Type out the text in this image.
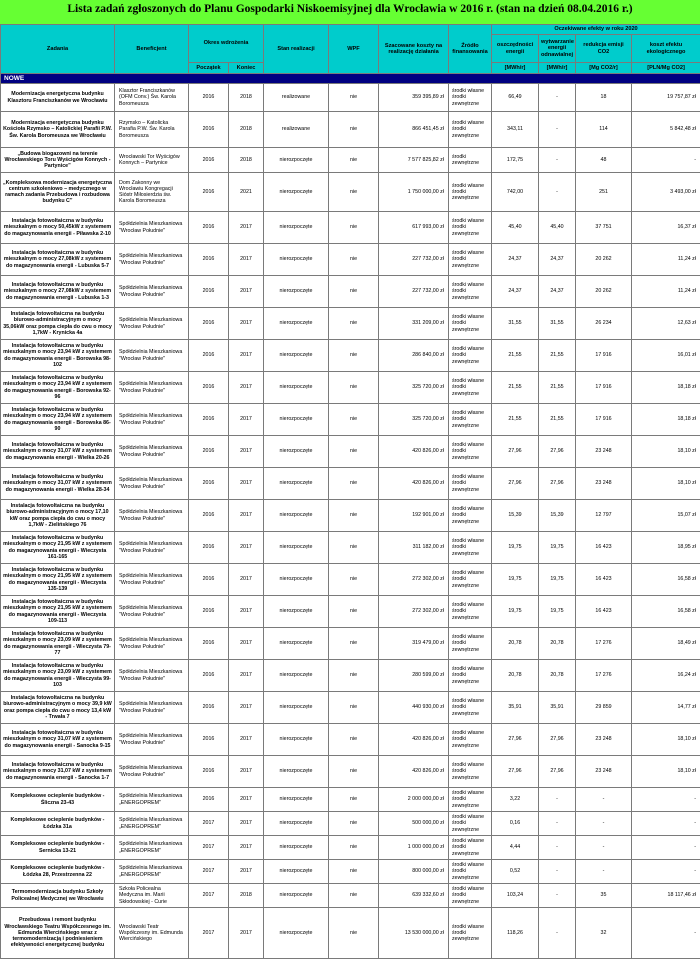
Lista zadań zgłoszonych do Planu Gospodarki Niskoemisyjnej dla Wrocławia w 2016 r. (stan na dzień 08.04.2016 r.)
Zadania	Beneficjent	Okres wdrożenia		Stan realizacji	WPF	Szacowane koszty na realizację działania	Źródło finansowania	Oczekiwane efekty w roku 2020			
								oszczędności energii	wytwarzanie energii odnawialnej	redukcja emisji CO2	koszt efektu ekologicznego
		Początek	Koniec					[MWh/r]	[MWh/r]	[Mg CO2/r]	[PLN/Mg CO2]
NOWE											
Modernizacja energetyczna budynku Klasztoru Franciszkanów we Wrocławiu	Klasztor Franciszkanów (OFM Conv.) Św. Karola Boromeusza	2016	2018	realizowane	nie	359 395,89 zł	środki własne środki zewnętrzne	66,49	-	18	19 757,87 zł
Modernizacja energetyczna budynku Kościoła Rzymsko – Katolickiej Parafii P.W. Św. Karola Boromeusza we Wrocławiu	Rzymsko – Katolicka Parafia P.W. Św. Karola Boromeusza	2016	2018	realizowane	nie	866 451,45 zł	środki własne środki zewnętrzne	343,11	-	114	5 842,48 zł
„Budowa biogazowni na terenie Wrocławskiego Toru Wyścigów Konnych - Partynice”	Wrocławski Tor Wyścigów Konnych – Partynice	2016	2018	nierozpoczęte	nie	7 577 825,82 zł	środki zewnętrzne	172,75	-	48	-
„Kompleksowa modernizacja energetyczna centrum szkoleniowo – medycznego w ramach zadania Przebudowa i rozbudowa budynku C”	Dom Zakonny we Wrocławiu Kongregacji Sióstr Miłosierdzia św. Karola Boromeusza	2016	2021	nierozpoczęte	nie	1 750 000,00 zł	środki własne środki zewnętrzne	742,00	-	251	3 493,00 zł
Instalacja fotowoltaiczna w budynku mieszkalnym o mocy 50,45kW z systemem do magazynowania energii - Piławska 2-10	Spółdzielnia Mieszkaniowa "Wrocław Południe"	2016	2017	nierozpoczęte	nie	617 993,00 zł	środki własne środki zewnętrzne	45,40	45,40	37 751	16,37 zł
Instalacja fotowoltaiczna w budynku mieszkalnym o mocy 27,08kW z systemem do magazynowania energii - Lubuska 5-7	Spółdzielnia Mieszkaniowa "Wrocław Południe"	2016	2017	nierozpoczęte	nie	227 732,00 zł	środki własne środki zewnętrzne	24,37	24,37	20 262	11,24 zł
Instalacja fotowoltaiczna w budynku mieszkalnym o mocy 27,08kW z systemem do magazynowania energii - Lubuska 1-3	Spółdzielnia Mieszkaniowa "Wrocław Południe"	2016	2017	nierozpoczęte	nie	227 732,00 zł	środki własne środki zewnętrzne	24,37	24,37	20 262	11,24 zł
Instalacja fotowoltaiczna na budynku biurowo-administracyjnym o mocy 35,06kW oraz pompa ciepła do cwu o mocy 1,7kW - Krynicka 4a	Spółdzielnia Mieszkaniowa "Wrocław Południe"	2016	2017	nierozpoczęte	nie	331 209,00 zł	środki własne środki zewnętrzne	31,55	31,55	26 234	12,63 zł
Instalacja fotowoltaiczna w budynku mieszkalnym o mocy 23,94 kW z systemem do magazynowania energii - Borowska 98-102	Spółdzielnia Mieszkaniowa "Wrocław Południe"	2016	2017	nierozpoczęte	nie	286 840,00 zł	środki własne środki zewnętrzne	21,55	21,55	17 916	16,01 zł
Instalacja fotowoltaiczna w budynku mieszkalnym o mocy 23,94 kW z systemem do magazynowania energii - Borowska 92-96	Spółdzielnia Mieszkaniowa "Wrocław Południe"	2016	2017	nierozpoczęte	nie	325 720,00 zł	środki własne środki zewnętrzne	21,55	21,55	17 916	18,18 zł
Instalacja fotowoltaiczna w budynku mieszkalnym o mocy 23,94 kW z systemem do magazynowania energii - Borowska 86-90	Spółdzielnia Mieszkaniowa "Wrocław Południe"	2016	2017	nierozpoczęte	nie	325 720,00 zł	środki własne środki zewnętrzne	21,55	21,55	17 916	18,18 zł
Instalacja fotowoltaiczna w budynku mieszkalnym o mocy 31,07 kW z systemem do magazynowania energii - Wielka 20-26	Spółdzielnia Mieszkaniowa "Wrocław Południe"	2016	2017	nierozpoczęte	nie	420 826,00 zł	środki własne środki zewnętrzne	27,96	27,96	23 248	18,10 zł
Instalacja fotowoltaiczna w budynku mieszkalnym o mocy 31,07 kW z systemem do magazynowania energii - Wielka 28-34	Spółdzielnia Mieszkaniowa "Wrocław Południe"	2016	2017	nierozpoczęte	nie	420 826,00 zł	środki własne środki zewnętrzne	27,96	27,96	23 248	18,10 zł
Instalacja fotowoltaiczna na budynku biurowo-administracyjnym o mocy 17,10 kW oraz pompa ciepła do cwu o mocy 1,7kW - Zielińskiego 76	Spółdzielnia Mieszkaniowa "Wrocław Południe"	2016	2017	nierozpoczęte	nie	192 901,00 zł	środki własne środki zewnętrzne	15,39	15,39	12 797	15,07 zł
Instalacja fotowoltaiczna w budynku mieszkalnym o mocy 21,95 kW z systemem do magazynowania energii - Wieczysta 161-165	Spółdzielnia Mieszkaniowa "Wrocław Południe"	2016	2017	nierozpoczęte	nie	311 182,00 zł	środki własne środki zewnętrzne	19,75	19,75	16 423	18,95 zł
Instalacja fotowoltaiczna w budynku mieszkalnym o mocy 21,95 kW z systemem do magazynowania energii - Wieczysta 135-139	Spółdzielnia Mieszkaniowa "Wrocław Południe"	2016	2017	nierozpoczęte	nie	272 302,00 zł	środki własne środki zewnętrzne	19,75	19,75	16 423	16,58 zł
Instalacja fotowoltaiczna w budynku mieszkalnym o mocy 21,95 kW z systemem do magazynowania energii - Wieczysta 109-113	Spółdzielnia Mieszkaniowa "Wrocław Południe"	2016	2017	nierozpoczęte	nie	272 302,00 zł	środki własne środki zewnętrzne	19,75	19,75	16 423	16,58 zł
Instalacja fotowoltaiczna w budynku mieszkalnym o mocy 23,09 kW z systemem do magazynowania energii - Wieczysta 79-77	Spółdzielnia Mieszkaniowa "Wrocław Południe"	2016	2017	nierozpoczęte	nie	319 479,00 zł	środki własne środki zewnętrzne	20,78	20,78	17 276	18,49 zł
Instalacja fotowoltaiczna w budynku mieszkalnym o mocy 23,09 kW z systemem do magazynowania energii - Wieczysta 99-103	Spółdzielnia Mieszkaniowa "Wrocław Południe"	2016	2017	nierozpoczęte	nie	280 599,00 zł	środki własne środki zewnętrzne	20,78	20,78	17 276	16,24 zł
Instalacja fotowoltaiczna na budynku biurowo-administracyjnym o mocy 39,9 kW oraz pompa ciepła do cwu o mocy 13,4 kW - Trwała 7	Spółdzielnia Mieszkaniowa "Wrocław Południe"	2016	2017	nierozpoczęte	nie	440 930,00 zł	środki własne środki zewnętrzne	35,91	35,91	29 859	14,77 zł
Instalacja fotowoltaiczna w budynku mieszkalnym o mocy 31,07 kW z systemem do magazynowania energii - Sanocka 9-15	Spółdzielnia Mieszkaniowa "Wrocław Południe"	2016	2017	nierozpoczęte	nie	420 826,00 zł	środki własne środki zewnętrzne	27,96	27,96	23 248	18,10 zł
Instalacja fotowoltaiczna w budynku mieszkalnym o mocy 31,07 kW z systemem do magazynowania energii - Sanocka 1-7	Spółdzielnia Mieszkaniowa "Wrocław Południe"	2016	2017	nierozpoczęte	nie	420 826,00 zł	środki własne środki zewnętrzne	27,96	27,96	23 248	18,10 zł
Kompleksowe ocieplenie budynków - Śliczna 23-43	Spółdzielnia Mieszkaniowa „ENERGOPREM”	2016	2017	nierozpoczęte	nie	2 000 000,00 zł	środki własne środki zewnętrzne	3,22	-	-	-
Kompleksowe ocieplenie budynków - Łódzka 31a	Spółdzielnia Mieszkaniowa „ENERGOPREM”	2017	2017	nierozpoczęte	nie	500 000,00 zł	środki własne środki zewnętrzne	0,16	-	-	-
Kompleksowe ocieplenie budynków - Sernicka 13-21	Spółdzielnia Mieszkaniowa „ENERGOPREM”	2017	2017	nierozpoczęte	nie	1 000 000,00 zł	środki własne środki zewnętrzne	4,44	-	-	-
Kompleksowe ocieplenie budynków - Łódzka 28, Przestrzenna 22	Spółdzielnia Mieszkaniowa „ENERGOPREM”	2017	2017	nierozpoczęte	nie	800 000,00 zł	środki własne środki zewnętrzne	0,52	-	-	-
Termomodernizacja budynku Szkoły Policealnej Medycznej we Wrocławiu	Szkoła Policealna Medyczna im. Marii Skłodowskiej - Curie	2017	2018	nierozpoczęte	nie	639 332,60 zł	środki własne środki zewnętrzne	103,24	-	35	18 117,46 zł
Przebudowa i remont budynku Wrocławskiego Teatru Współczesnego im. Edmunda Wiercińskiego wraz z termomodernizacją i podniesieniem efektywności energetycznej budynku	Wrocławski Teatr Współczesny im. Edmunda Wiercińskiego	2017	2017	nierozpoczęte	nie	13 530 000,00 zł	środki własne środki zewnętrzne	118,26	-	32	-
